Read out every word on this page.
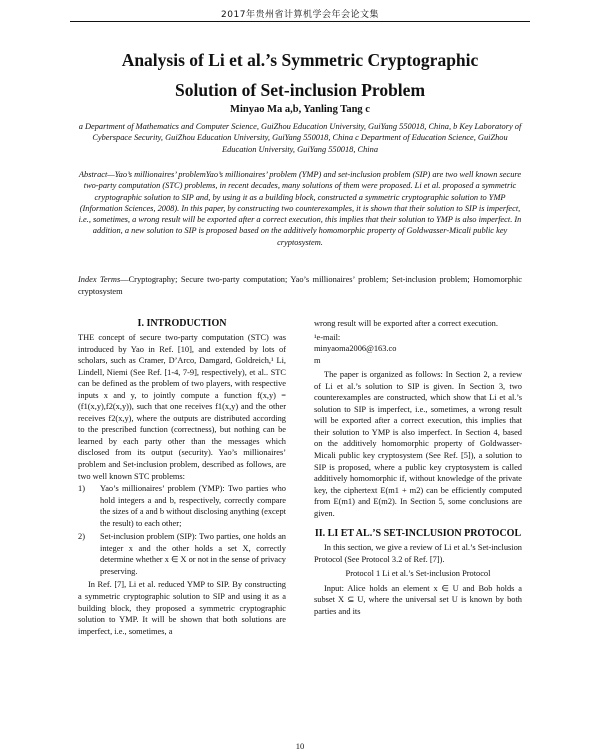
2017年贵州省计算机学会年会论文集
Analysis of Li et al.’s Symmetric Cryptographic
Solution of Set-inclusion Problem
Minyao Ma a,b, Yanling Tang c
a Department of Mathematics and Computer Science, GuiZhou Education University, GuiYang 550018, China, b Key Laboratory of Cyberspace Security, GuiZhou Education University, GuiYang 550018, China c Department of Education Science, GuiZhou Education University, GuiYang 550018, China
Abstract—Yao’s millionaires’ problemYao’s millionaires’ problem (YMP) and set-inclusion problem (SIP) are two well known secure two-party computation (STC) problems, in recent decades, many solutions of them were proposed. Li et al. proposed a symmetric cryptographic solution to SIP and, by using it as a building block, constructed a symmetric cryptographic solution to YMP (Information Sciences, 2008). In this paper, by constructing two counterexamples, it is shown that their solution to SIP is imperfect, i.e., sometimes, a wrong result will be exported after a correct execution, this implies that their solution to YMP is also imperfect. In addition, a new solution to SIP is proposed based on the additively homomorphic property of Goldwasser-Micali public key cryptosystem.
Index Terms—Cryptography; Secure two-party computation; Yao’s millionaires’ problem; Set-inclusion problem; Homomorphic cryptosystem
I. INTRODUCTION

THE concept of secure two-party computation (STC) was introduced by Yao in Ref. [10], and extended by lots of scholars, such as Cramer, D’Arco, Damgard, Goldreich,¹ Li, Lindell, Niemi (See Ref. [1-4, 7-9], respectively), et al.. STC can be defined as the problem of two players, with respective inputs x and y, to jointly compute a function f(x,y) = (f1(x,y),f2(x,y)), such that one receives f1(x,y) and the other receives f2(x,y), where the outputs are distributed according to the prescribed function (correctness), but nothing can be learned by each party other than the messages which disclosed from its output (security). Yao’s millionaires’ problem and Set-inclusion problem, described as follows, are two well known STC problems:

1)	Yao’s millionaires’ problem (YMP): Two parties who hold integers a and b, respectively, correctly compare the sizes of a and b without disclosing anything (except the result) to each other;
2)	Set-inclusion problem (SIP): Two parties, one holds an integer x and the other holds a set X, correctly determine whether x ∈ X or not in the sense of privacy preserving.

In Ref. [7], Li et al. reduced YMP to SIP. By constructing a symmetric cryptographic solution to SIP and using it as a building block, they proposed a symmetric cryptographic solution to YMP. It will be shown that both solutions are imperfect, i.e., sometimes, a

wrong result will be exported after a correct execution.

¹e-mail:
minyaoma2006@163.co
m

The paper is organized as follows: In Section 2, a review of Li et al.’s solution to SIP is given. In Section 3, two counterexamples are constructed, which show that Li et al.’s solution to SIP is imperfect, i.e., sometimes, a wrong result will be exported after a correct execution, this implies that their solution to YMP is also imperfect. In Section 4, based on the additively homomorphic property of Goldwasser-Micali public key cryptosystem (See Ref. [5]), a solution to SIP is proposed, where a public key cryptosystem is called additively homomorphic if, without knowledge of the private key, the ciphertext E(m1 + m2) can be efficiently computed from E(m1) and E(m2). In Section 5, some conclusions are given.

II. LI ET AL.’S SET-INCLUSION PROTOCOL

In this section, we give a review of Li et al.’s Set-inclusion Protocol (See Protocol 3.2 of Ref. [7]).

Protocol 1 Li et al.’s Set-inclusion Protocol

Input: Alice holds an element x ∈ U and Bob holds a subset X ⊆ U, where the universal set U is known by both parties and its

10
